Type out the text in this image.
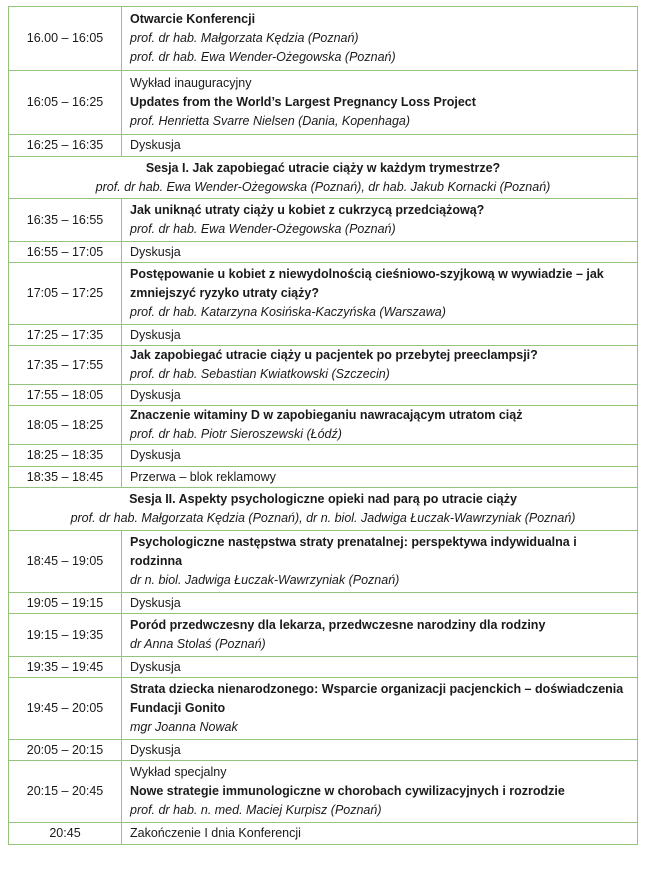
16.00 – 16:05	Otwarcie Konferencji
prof. dr hab. Małgorzata Kędzia (Poznań)
prof. dr hab. Ewa Wender-Ożegowska (Poznań)

16:05 – 16:25	Wykład inauguracyjny
Updates from the World’s Largest Pregnancy Loss Project
prof. Henrietta Svarre Nielsen (Dania, Kopenhaga)

16:25 – 16:35	Dyskusja

Sesja I. Jak zapobiegać utracie ciąży w każdym trymestrze?
prof. dr hab. Ewa Wender-Ożegowska (Poznań), dr hab. Jakub Kornacki (Poznań)	

16:35 – 16:55	Jak uniknąć utraty ciąży u kobiet z cukrzycą przedciążową?
prof. dr hab. Ewa Wender-Ożegowska (Poznań)

16:55 – 17:05	Dyskusja

17:05 – 17:25	Postępowanie u kobiet z niewydolnością cieśniowo-szyjkową w wywiadzie – jak zmniejszyć ryzyko utraty ciąży?
prof. dr hab. Katarzyna Kosińska-Kaczyńska (Warszawa)

17:25 – 17:35	Dyskusja

17:35 – 17:55	Jak zapobiegać utracie ciąży u pacjentek po przebytej preeclampsji?
prof. dr hab. Sebastian Kwiatkowski (Szczecin)

17:55 – 18:05	Dyskusja

18:05 – 18:25	Znaczenie witaminy D w zapobieganiu nawracającym utratom ciąż
prof. dr hab. Piotr Sieroszewski (Łódź)

18:25 – 18:35	Dyskusja

18:35 – 18:45	Przerwa – blok reklamowy

Sesja II. Aspekty psychologiczne opieki nad parą po utracie ciąży
prof. dr hab. Małgorzata Kędzia (Poznań), dr n. biol. Jadwiga Łuczak-Wawrzyniak (Poznań)	

18:45 – 19:05	Psychologiczne następstwa straty prenatalnej: perspektywa indywidualna i rodzinna
dr n. biol. Jadwiga Łuczak-Wawrzyniak (Poznań)

19:05 – 19:15	Dyskusja

19:15 – 19:35	Poród przedwczesny dla lekarza, przedwczesne narodziny dla rodziny
dr Anna Stolaś (Poznań)

19:35 – 19:45	Dyskusja

19:45 – 20:05	Strata dziecka nienarodzonego: Wsparcie organizacji pacjenckich – doświadczenia Fundacji Gonito
mgr Joanna Nowak

20:05 – 20:15	Dyskusja

20:15 – 20:45	Wykład specjalny
Nowe strategie immunologiczne w chorobach cywilizacyjnych i rozrodzie
prof. dr hab. n. med. Maciej Kurpisz (Poznań)

20:45	Zakończenie I dnia Konferencji
